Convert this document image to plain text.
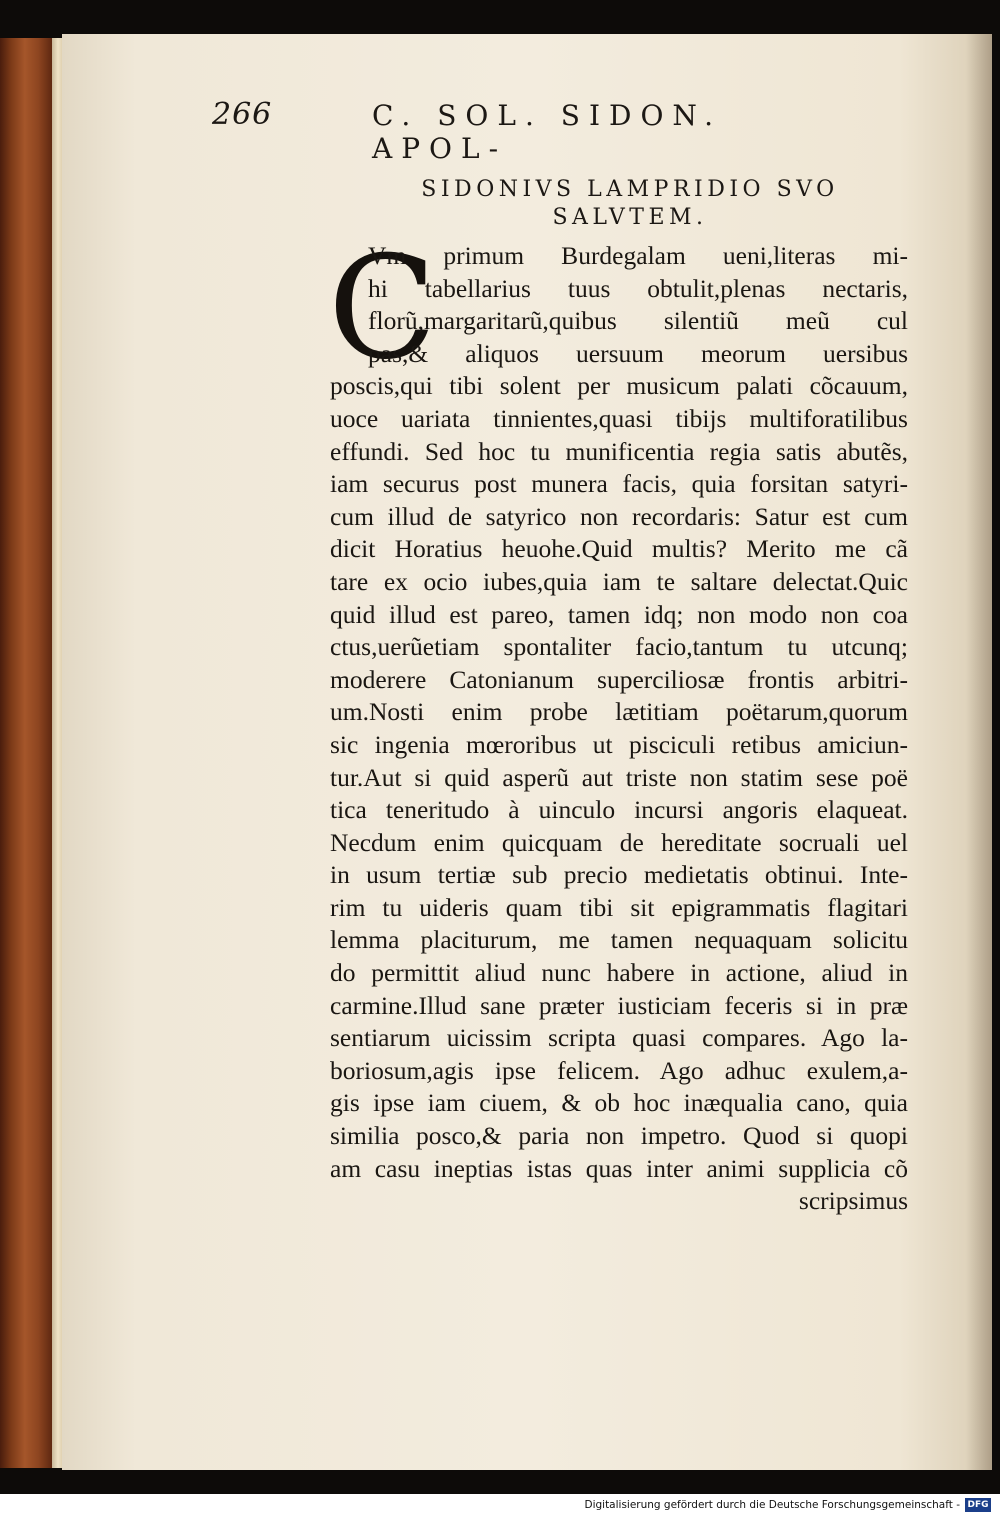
266	C. SOL. SIDON. APOL-
SIDONIVS LAMPRIDIO SVO
SALVTEM.
C
Vm primum Burdegalam ueni,literas mi-
hi tabellarius tuus obtulit,plenas nectaris,
florũ,margaritarũ,quibus silentiũ meũ cul
pas,& aliquos uersuum meorum uersibus
poscis,qui tibi solent per musicum palati cõcauum,
uoce uariata tinnientes,quasi tibijs multiforatilibus
effundi. Sed hoc tu munificentia regia satis abutẽs,
iam securus post munera facis, quia forsitan satyri-
cum illud de satyrico non recordaris: Satur est cum
dicit Horatius heuohe.Quid multis? Merito me cã
tare ex ocio iubes,quia iam te saltare delectat.Quic
quid illud est pareo, tamen idq; non modo non coa
ctus,uerũetiam spontaliter facio,tantum tu utcunq;
moderere Catonianum superciliosæ frontis arbitri-
um.Nosti enim probe lætitiam poëtarum,quorum
sic ingenia mœroribus ut pisciculi retibus amiciun-
tur.Aut si quid asperũ aut triste non statim sese poë
tica teneritudo à uinculo incursi angoris elaqueat.
Necdum enim quicquam de hereditate socruali uel
in usum tertiæ sub precio medietatis obtinui. Inte-
rim tu uideris quam tibi sit epigrammatis flagitari
lemma placiturum, me tamen nequaquam solicitu
do permittit aliud nunc habere in actione, aliud in
carmine.Illud sane præter iusticiam feceris si in præ
sentiarum uicissim scripta quasi compares. Ago la-
boriosum,agis ipse felicem. Ago adhuc exulem,a-
gis ipse iam ciuem, & ob hoc inæqualia cano, quia
similia posco,& paria non impetro. Quod si quopi
am casu ineptias istas quas inter animi supplicia cõ
scripsimus
Digitalisierung gefördert durch die Deutsche Forschungsgemeinschaft - DFG
